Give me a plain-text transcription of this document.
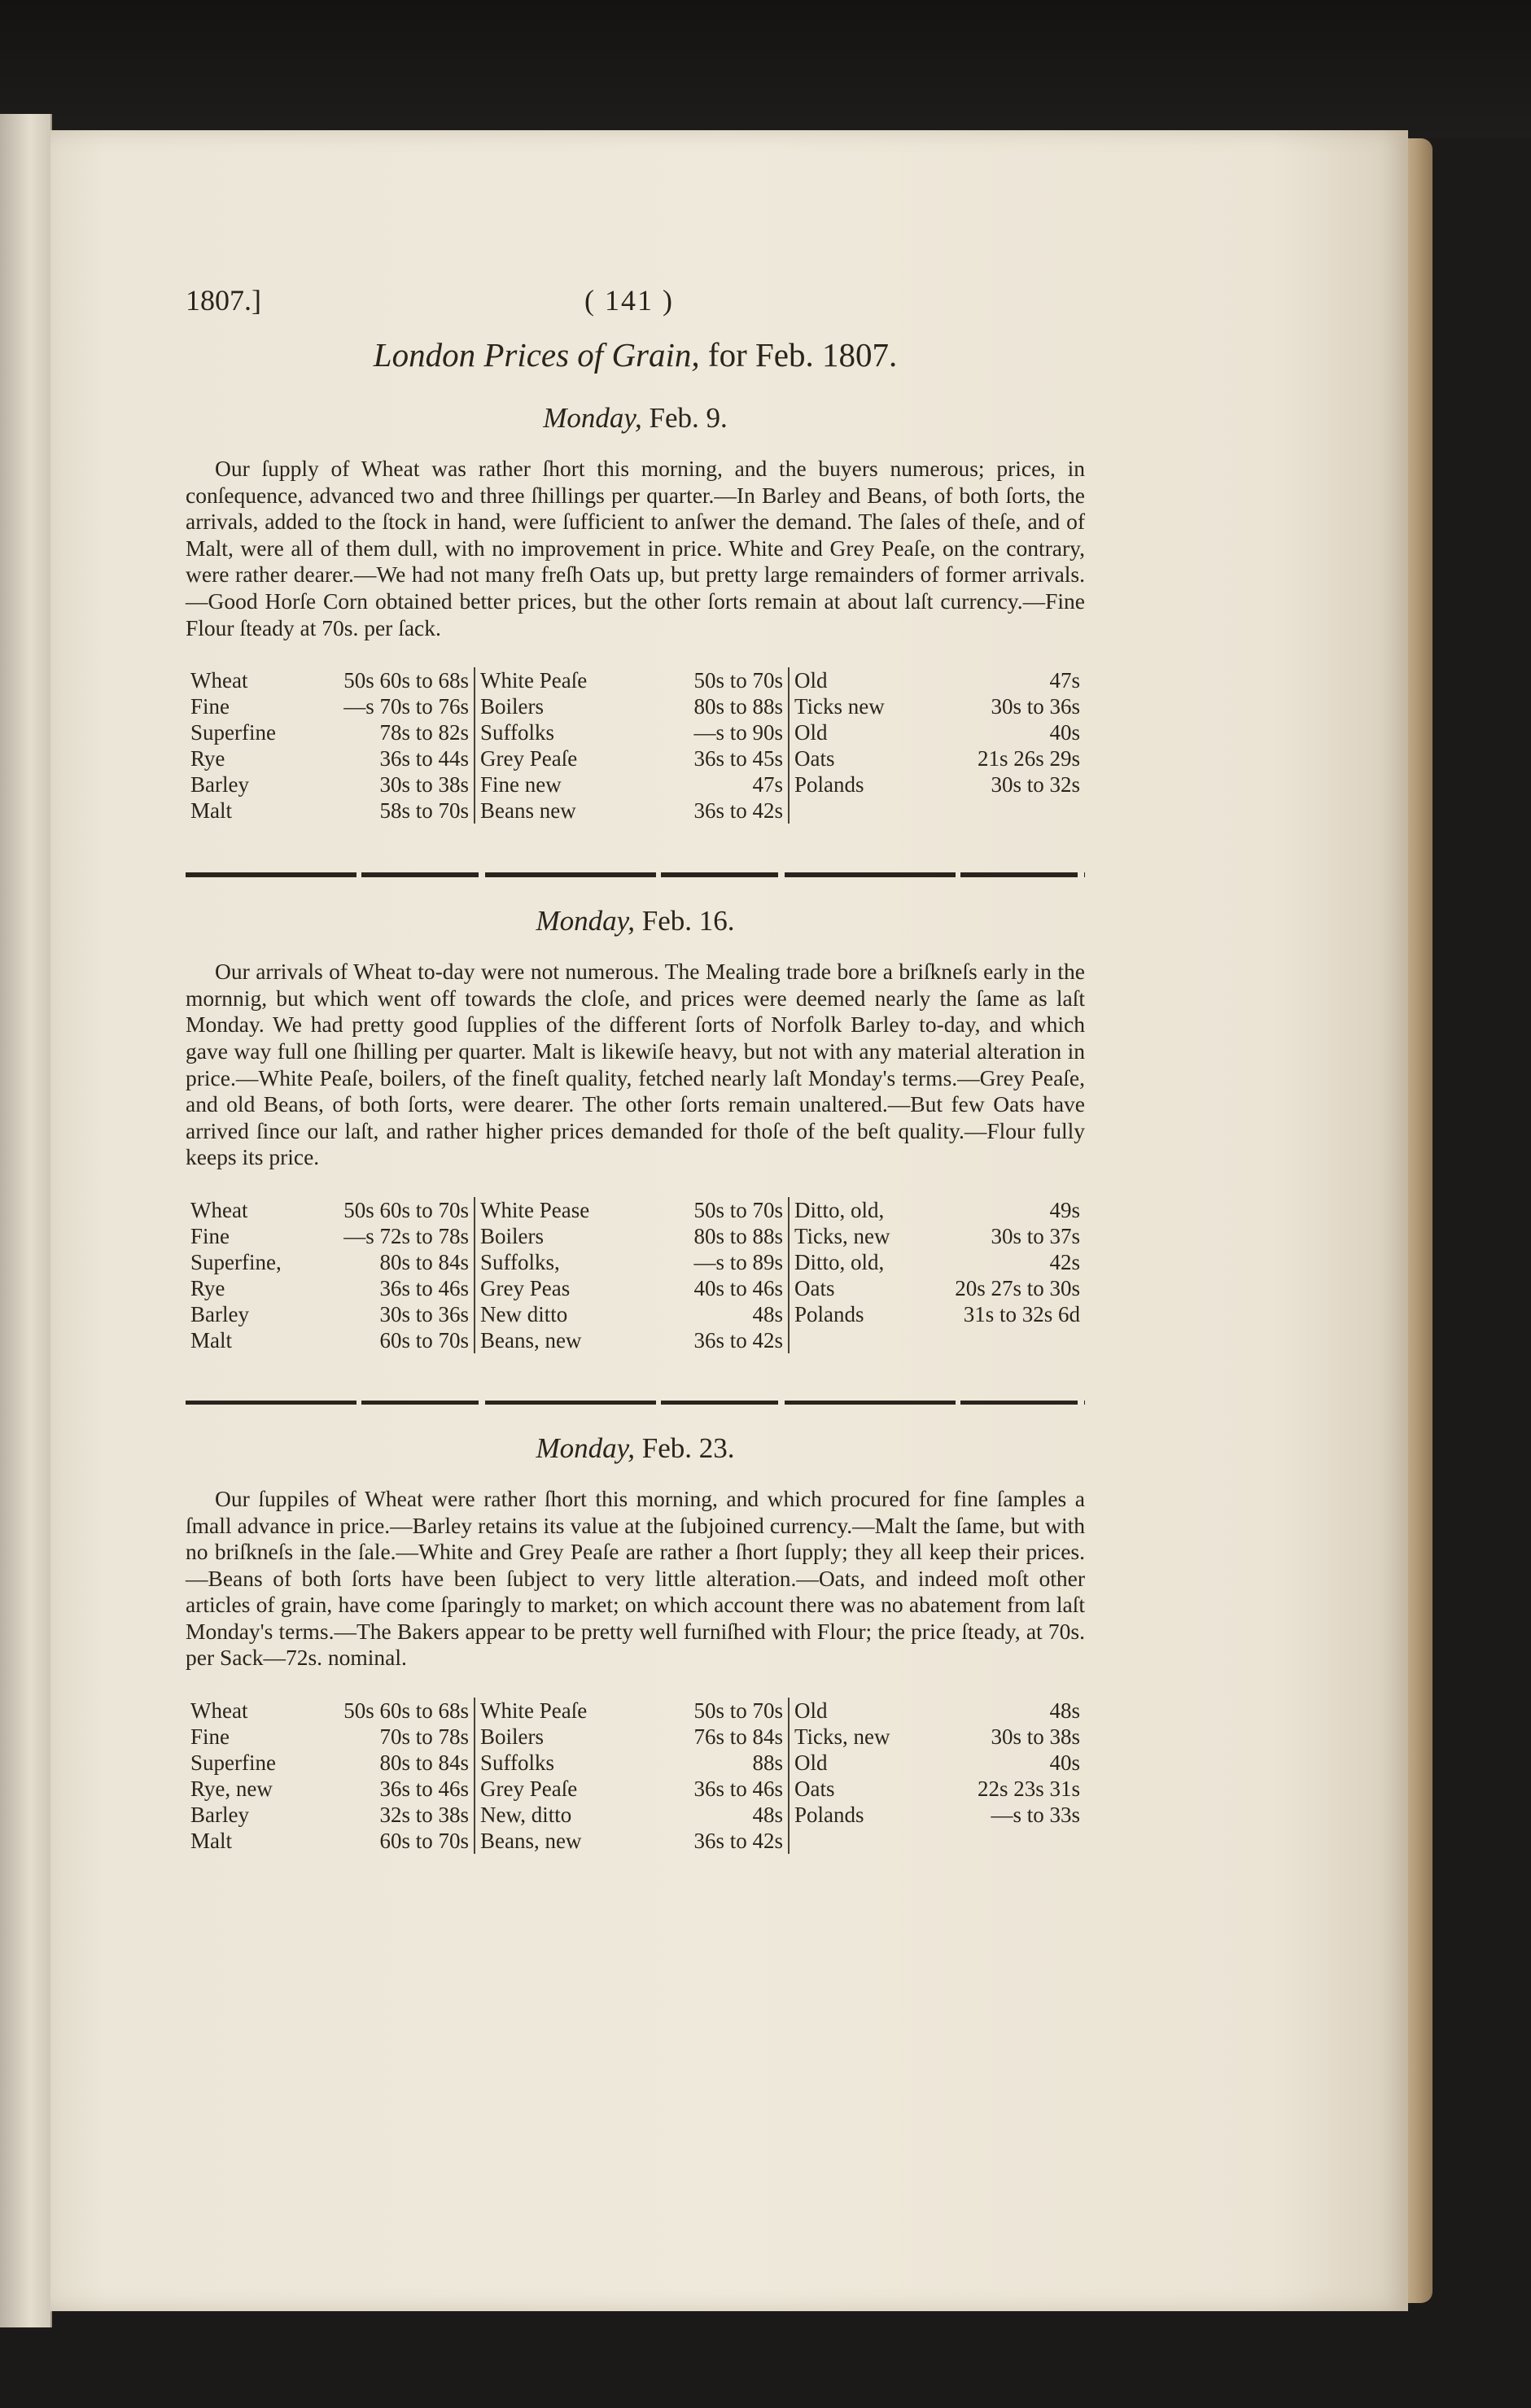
1807.]	( 141 )
London Prices of Grain, for Feb. 1807.
Monday, Feb. 9.

Our ſupply of Wheat was rather ſhort this morning, and the buyers numerous; prices, in conſequence, advanced two and three ſhillings per quarter.—In Barley and Beans, of both ſorts, the arrivals, added to the ſtock in hand, were ſufficient to anſwer the demand. The ſales of theſe, and of Malt, were all of them dull, with no improvement in price. White and Grey Peaſe, on the contrary, were rather dearer.—We had not many freſh Oats up, but pretty large remainders of former arrivals.—Good Horſe Corn obtained better prices, but the other ſorts remain at about laſt currency.—Fine Flour ſteady at 70s. per ſack.

Wheat	50s 60s to 68s	White Peaſe	50s to 70s	Old	47s
Fine	—s 70s to 76s	Boilers	80s to 88s	Ticks new	30s to 36s
Superfine	78s to 82s	Suffolks	—s to 90s	Old	40s
Rye	36s to 44s	Grey Peaſe	36s to 45s	Oats	21s 26s 29s
Barley	30s to 38s	Fine new	47s	Polands	30s to 32s
Malt	58s to 70s	Beans new	36s to 42s		
Monday, Feb. 16.

Our arrivals of Wheat to-day were not numerous. The Mealing trade bore a briſkneſs early in the mornnig, but which went off towards the cloſe, and prices were deemed nearly the ſame as laſt Monday. We had pretty good ſupplies of the different ſorts of Norfolk Barley to-day, and which gave way full one ſhilling per quarter. Malt is likewiſe heavy, but not with any material alteration in price.—White Peaſe, boilers, of the fineſt quality, fetched nearly laſt Monday's terms.—Grey Peaſe, and old Beans, of both ſorts, were dearer. The other ſorts remain unaltered.—But few Oats have arrived ſince our laſt, and rather higher prices demanded for thoſe of the beſt quality.—Flour fully keeps its price.

Wheat	50s 60s to 70s	White Pease	50s to 70s	Ditto, old,	49s
Fine	—s 72s to 78s	Boilers	80s to 88s	Ticks, new	30s to 37s
Superfine,	80s to 84s	Suffolks,	—s to 89s	Ditto, old,	42s
Rye	36s to 46s	Grey Peas	40s to 46s	Oats	20s 27s to 30s
Barley	30s to 36s	New ditto	48s	Polands	31s to 32s 6d
Malt	60s to 70s	Beans, new	36s to 42s		
Monday, Feb. 23.

Our ſuppiles of Wheat were rather ſhort this morning, and which procured for fine ſamples a ſmall advance in price.—Barley retains its value at the ſubjoined currency.—Malt the ſame, but with no briſkneſs in the ſale.—White and Grey Peaſe are rather a ſhort ſupply; they all keep their prices.—Beans of both ſorts have been ſubject to very little alteration.—Oats, and indeed moſt other articles of grain, have come ſparingly to market; on which account there was no abatement from laſt Monday's terms.—The Bakers appear to be pretty well furniſhed with Flour; the price ſteady, at 70s. per Sack—72s. nominal.

Wheat	50s 60s to 68s	White Peaſe	50s to 70s	Old	48s
Fine	70s to 78s	Boilers	76s to 84s	Ticks, new	30s to 38s
Superfine	80s to 84s	Suffolks	88s	Old	40s
Rye, new	36s to 46s	Grey Peaſe	36s to 46s	Oats	22s 23s 31s
Barley	32s to 38s	New, ditto	48s	Polands	—s to 33s
Malt	60s to 70s	Beans, new	36s to 42s		
